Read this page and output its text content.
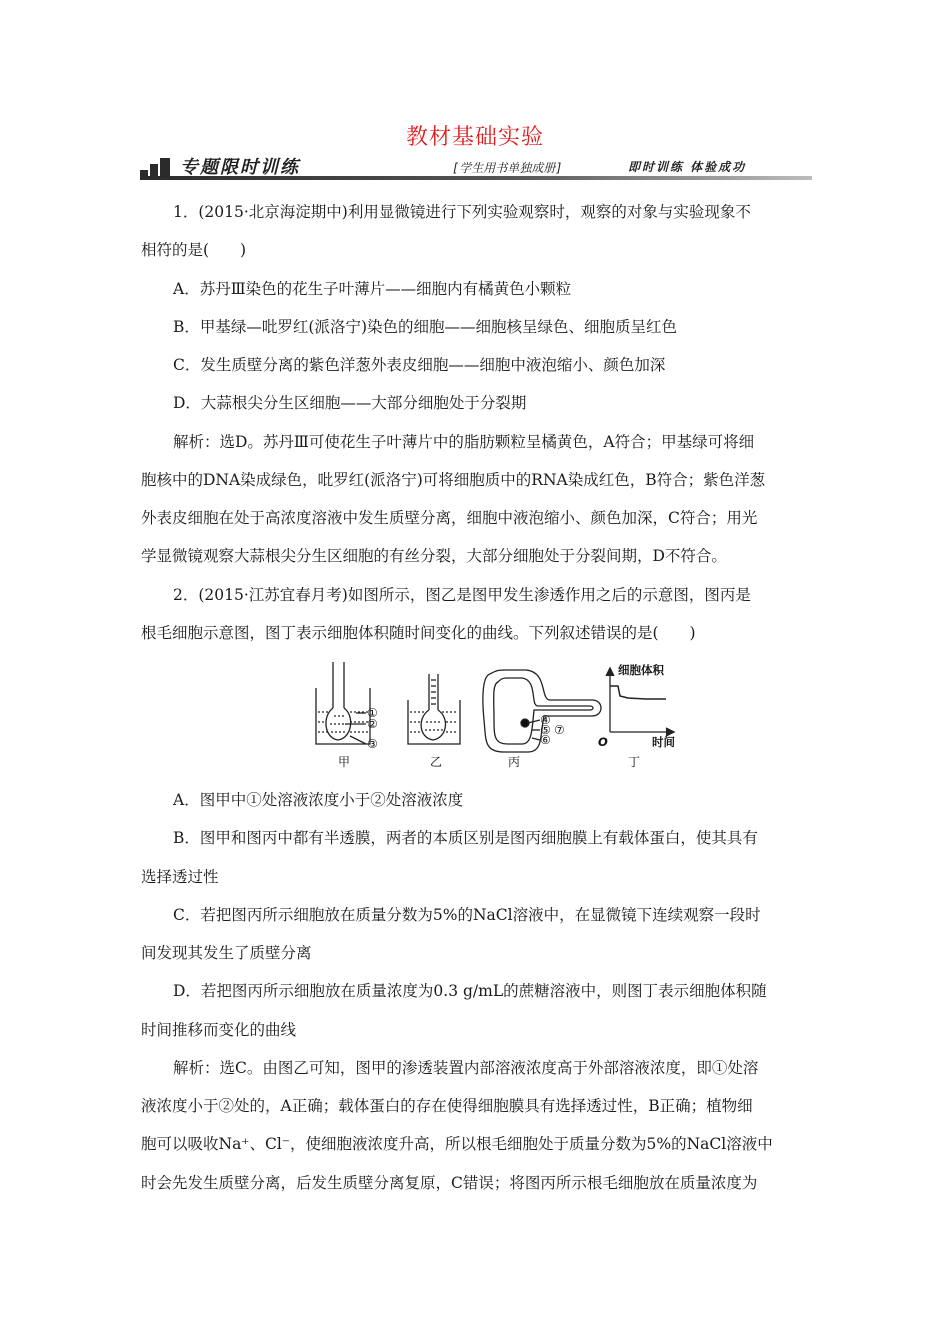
教材基础实验
专题限时训练	[学生用书单独成册]	即时训练 体验成功
1．(2015·北京海淀期中)利用显微镜进行下列实验观察时，观察的对象与实验现象不
相符的是(　　)
A．苏丹Ⅲ染色的花生子叶薄片——细胞内有橘黄色小颗粒
B．甲基绿—吡罗红(派洛宁)染色的细胞——细胞核呈绿色、细胞质呈红色
C．发生质壁分离的紫色洋葱外表皮细胞——细胞中液泡缩小、颜色加深
D．大蒜根尖分生区细胞——大部分细胞处于分裂期
解析：选D。苏丹Ⅲ可使花生子叶薄片中的脂肪颗粒呈橘黄色，A符合；甲基绿可将细
胞核中的DNA染成绿色，吡罗红(派洛宁)可将细胞质中的RNA染成红色，B符合；紫色洋葱
外表皮细胞在处于高浓度溶液中发生质壁分离，细胞中液泡缩小、颜色加深，C符合；用光
学显微镜观察大蒜根尖分生区细胞的有丝分裂，大部分细胞处于分裂间期，D不符合。
2．(2015·江苏宜春月考)如图所示，图乙是图甲发生渗透作用之后的示意图，图丙是
根毛细胞示意图，图丁表示细胞体积随时间变化的曲线。下列叙述错误的是(　　)
①
②
③
④
⑤
⑥
⑦
细胞体积
时间
O
甲	乙	丙	丁
A．图甲中①处溶液浓度小于②处溶液浓度
B．图甲和图丙中都有半透膜，两者的本质区别是图丙细胞膜上有载体蛋白，使其具有
选择透过性
C．若把图丙所示细胞放在质量分数为5%的NaCl溶液中，在显微镜下连续观察一段时
间发现其发生了质壁分离
D．若把图丙所示细胞放在质量浓度为0.3 g/mL的蔗糖溶液中，则图丁表示细胞体积随
时间推移而变化的曲线
解析：选C。由图乙可知，图甲的渗透装置内部溶液浓度高于外部溶液浓度，即①处溶
液浓度小于②处的，A正确；载体蛋白的存在使得细胞膜具有选择透过性，B正确；植物细
胞可以吸收Na⁺、Cl⁻，使细胞液浓度升高，所以根毛细胞处于质量分数为5%的NaCl溶液中
时会先发生质壁分离，后发生质壁分离复原，C错误；将图丙所示根毛细胞放在质量浓度为
